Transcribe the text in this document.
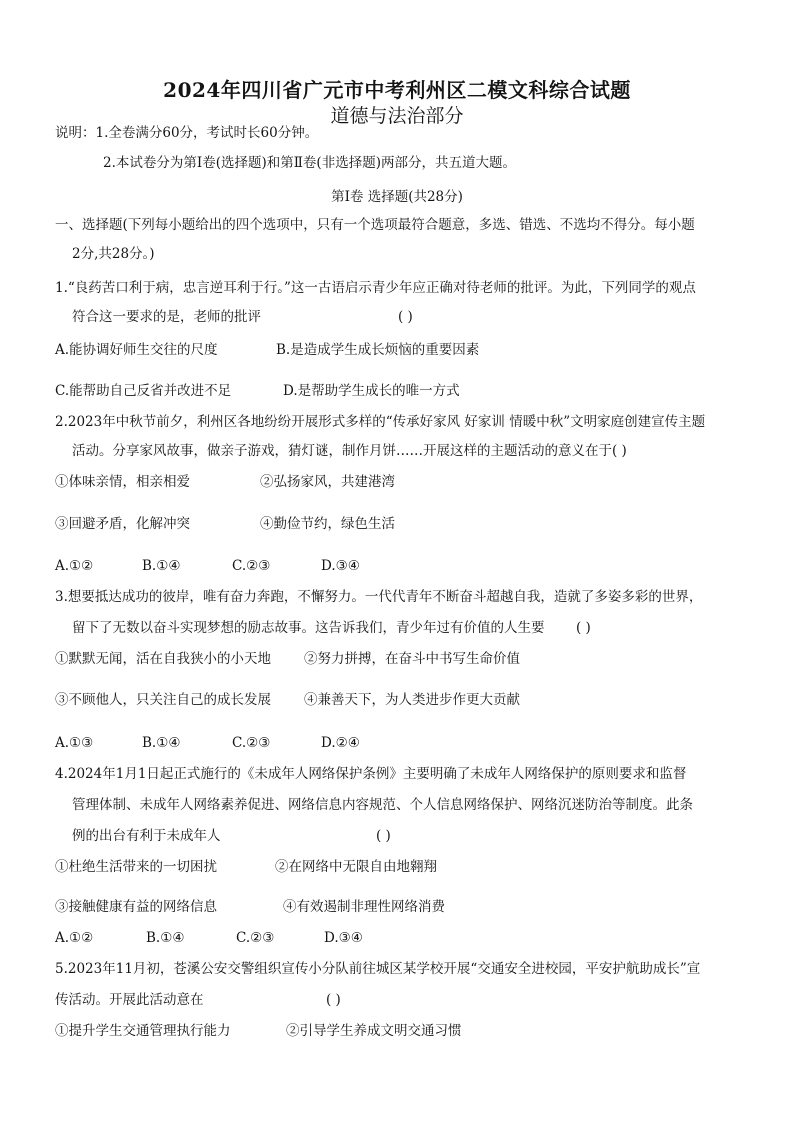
2024年四川省广元市中考利州区二模文科综合试题
道德与法治部分
说明：1.全卷满分60分，考试时长60分钟。
2.本试卷分为第Ⅰ卷(选择题)和第Ⅱ卷(非选择题)两部分，共五道大题。
第Ⅰ卷 选择题(共28分)
一、选择题(下列每小题给出的四个选项中，只有一个选项最符合题意，多选、错选、不选均不得分。每小题
2分,共28分。)
1.“良药苦口利于病，忠言逆耳利于行。”这一古语启示青少年应正确对待老师的批评。为此，下列同学的观点
符合这一要求的是，老师的批评	( )
A.能协调好师生交往的尺度	B.是造成学生成长烦恼的重要因素
C.能帮助自己反省并改进不足	D.是帮助学生成长的唯一方式
2.2023年中秋节前夕，利州区各地纷纷开展形式多样的“传承好家风 好家训 情暖中秋”文明家庭创建宣传主题
活动。分享家风故事，做亲子游戏，猜灯谜，制作月饼……开展这样的主题活动的意义在于( )
①体味亲情，相亲相爱	②弘扬家风，共建港湾
③回避矛盾，化解冲突	④勤俭节约，绿色生活
A.①②	B.①④	C.②③	D.③④
3.想要抵达成功的彼岸，唯有奋力奔跑，不懈努力。一代代青年不断奋斗超越自我，造就了多姿多彩的世界，
留下了无数以奋斗实现梦想的励志故事。这告诉我们，青少年过有价值的人生要 ( )
①默默无闻，活在自我狭小的小天地 ②努力拼搏，在奋斗中书写生命价值
③不顾他人，只关注自己的成长发展 ④兼善天下，为人类进步作更大贡献
A.①③	B.①④	C.②③	D.②④
4.2024年1月1日起正式施行的《未成年人网络保护条例》主要明确了未成年人网络保护的原则要求和监督
管理体制、未成年人网络素养促进、网络信息内容规范、个人信息网络保护、网络沉迷防治等制度。此条
例的出台有利于未成年人	( )
①杜绝生活带来的一切困扰	②在网络中无限自由地翱翔
③接触健康有益的网络信息	④有效遏制非理性网络消费
A.①②	B.①④	C.②③	D.③④
5.2023年11月初，苍溪公安交警组织宣传小分队前往城区某学校开展“交通安全进校园，平安护航助成长”宣
传活动。开展此活动意在	( )
①提升学生交通管理执行能力	②引导学生养成文明交通习惯
